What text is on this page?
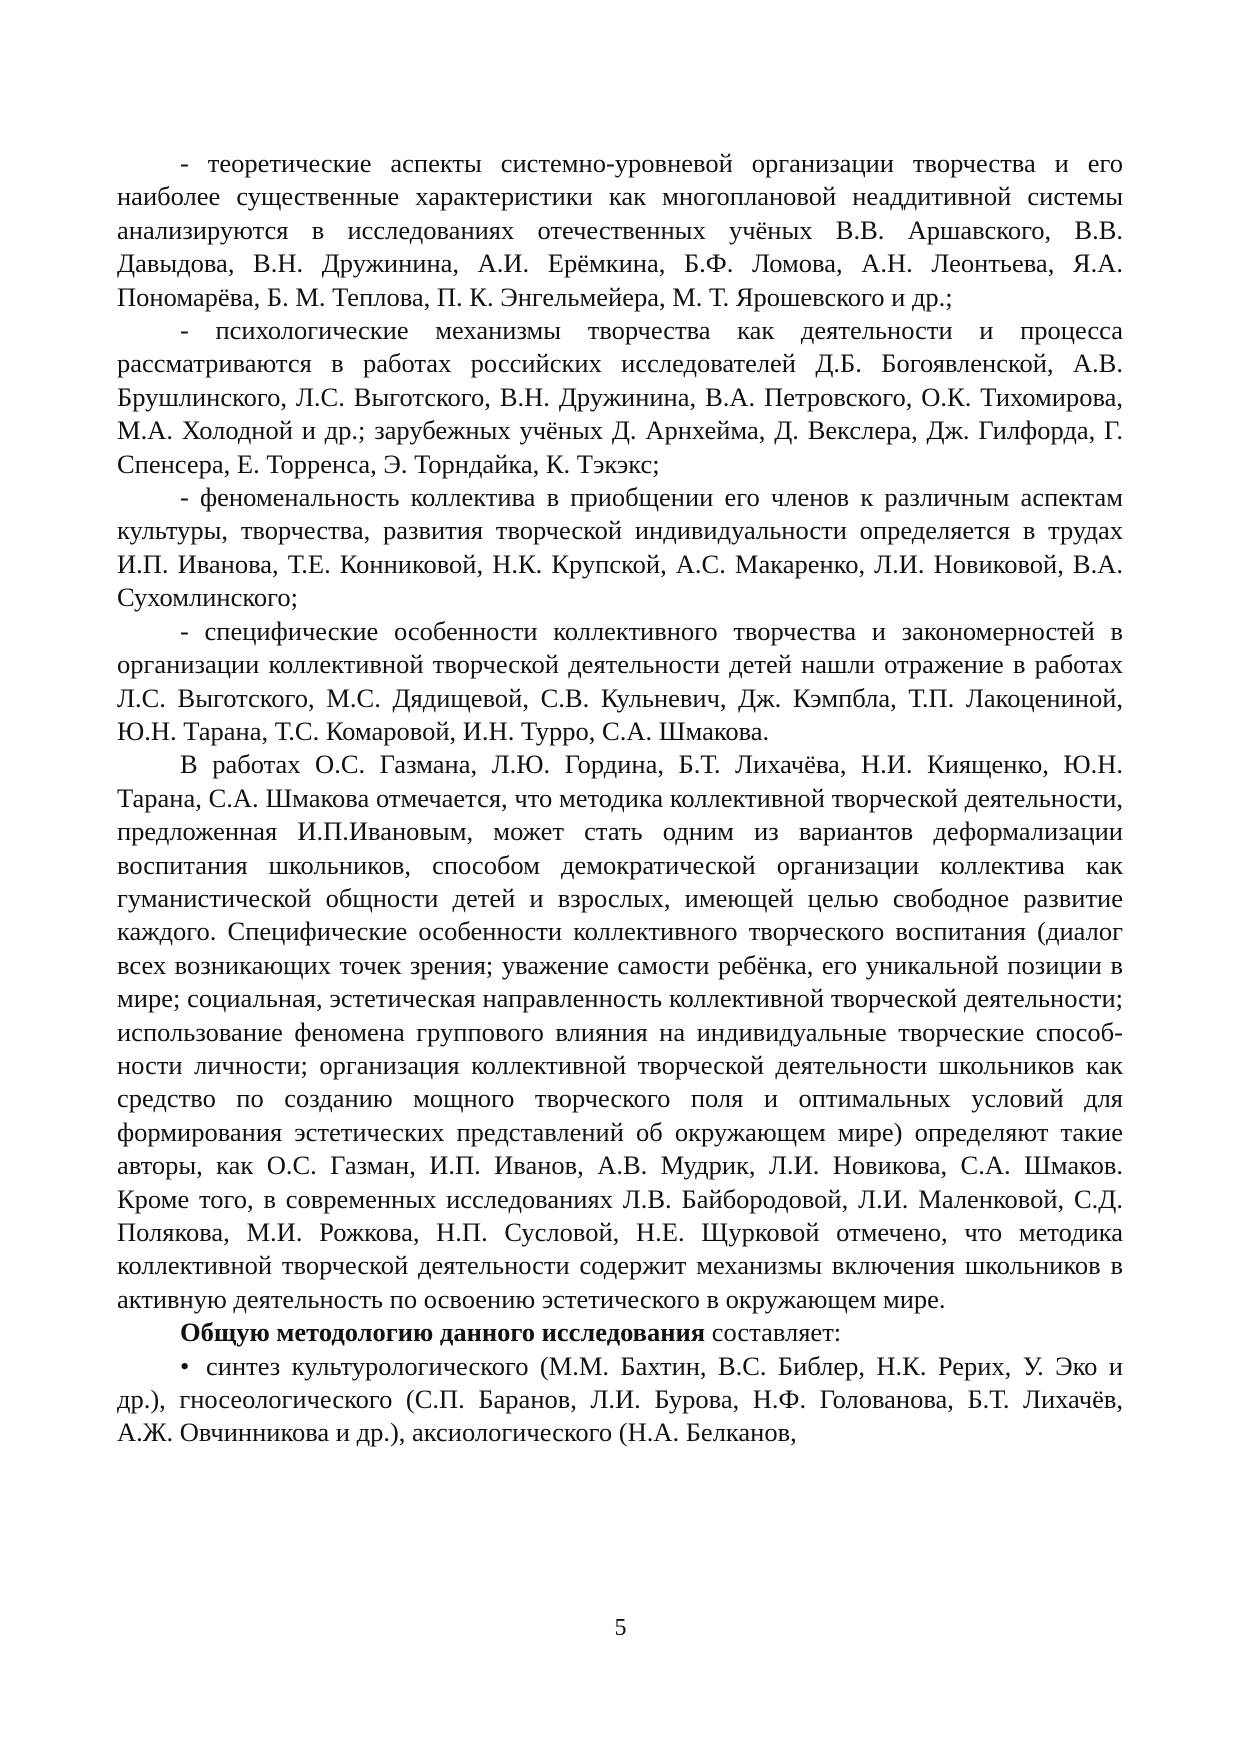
- теоретические аспекты системно-уровневой организации творчества и его наиболее существенные характеристики как многоплановой неаддитивной системы анализируются в исследованиях отечественных учёных В.В. Аршавского, В.В. Давыдова, В.Н. Дружинина, А.И. Ерёмкина, Б.Ф. Ломова, А.Н. Леонтьева, Я.А. Пономарёва, Б. М. Теплова, П. К. Энгельмейера, М. Т. Ярошевского и др.;

- психологические механизмы творчества как деятельности и процесса рассматриваются в работах российских исследователей Д.Б. Богоявленской, А.В. Брушлинского, Л.С. Выготского, В.Н. Дружинина, В.А. Петровского, О.К. Тихомирова, М.А. Холодной и др.; зарубежных учёных Д. Арнхейма, Д. Векслера, Дж. Гилфорда, Г. Спенсера, Е. Торренса, Э. Торндайка, К. Тэкэкс;

- феноменальность коллектива в приобщении его членов к различным аспектам культуры, творчества, развития творческой индивидуальности определяется в трудах И.П. Иванова, Т.Е. Конниковой, Н.К. Крупской, А.С. Макаренко, Л.И. Новиковой, В.А. Сухомлинского;

- специфические особенности коллективного творчества и закономерностей в организации коллективной творческой деятельности детей нашли отражение в работах Л.С. Выготского, М.С. Дядищевой, С.В. Кульневич, Дж. Кэмпбла, Т.П. Лакоцениной, Ю.Н. Тарана, Т.С. Комаровой, И.Н. Турро, С.А. Шмакова.

В работах О.С. Газмана, Л.Ю. Гордина, Б.Т. Лихачёва, Н.И. Киященко, Ю.Н. Тарана, С.А. Шмакова отмечается, что методика коллективной творческой деятельности, предложенная И.П.Ивановым, может стать одним из вариантов деформализации воспитания школьников, способом демократической организации коллектива как гуманистической общности детей и взрослых, имеющей целью свободное развитие каждого. Специфические особенности коллективного творческого воспитания (диалог всех возникающих точек зрения; уважение самости ребёнка, его уникальной позиции в мире; социальная, эстетическая направленность коллективной творческой деятельности; использование феномена группового влияния на индивидуальные творческие способности личности; организация коллективной творческой деятельности школьников как средство по созданию мощного творческого поля и оптимальных условий для формирования эстетических представлений об окружающем мире) определяют такие авторы, как О.С. Газман, И.П. Иванов, А.В. Мудрик, Л.И. Новикова, С.А. Шмаков. Кроме того, в современных исследованиях Л.В. Байбородовой, Л.И. Маленковой, С.Д. Полякова, М.И. Рожкова, Н.П. Сусловой, Н.Е. Щурковой отмечено, что методика коллективной творческой деятельности содержит механизмы включения школьников в активную деятельность по освоению эстетического в окружающем мире.

Общую методологию данного исследования составляет:

• синтез культурологического (М.М. Бахтин, В.С. Библер, Н.К. Рерих, У. Эко и др.), гносеологического (С.П. Баранов, Л.И. Бурова, Н.Ф. Голованова, Б.Т. Лихачёв, А.Ж. Овчинникова и др.), аксиологического (Н.А. Белканов,

5
